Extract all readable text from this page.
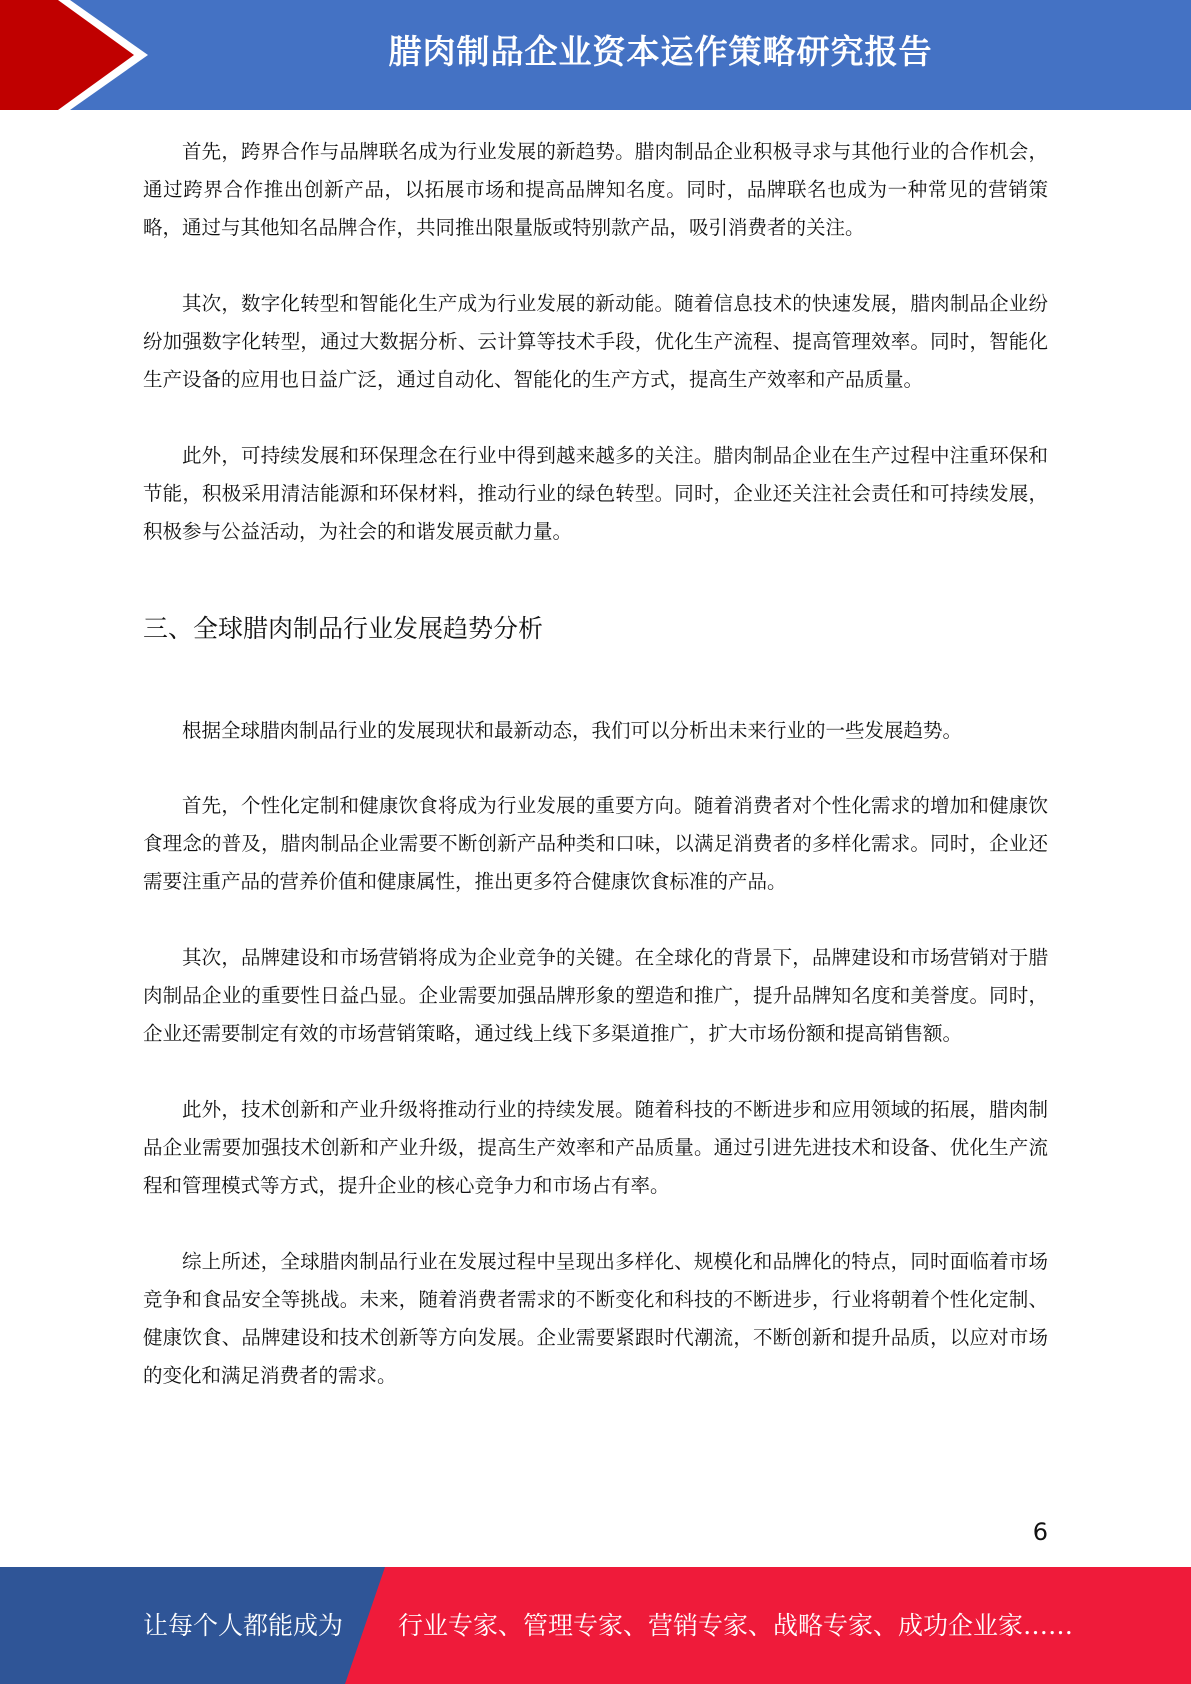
腊肉制品企业资本运作策略研究报告

首先，跨界合作与品牌联名成为行业发展的新趋势。腊肉制品企业积极寻求与其他行业的合作机会，通过跨界合作推出创新产品，以拓展市场和提高品牌知名度。同时，品牌联名也成为一种常见的营销策略，通过与其他知名品牌合作，共同推出限量版或特别款产品，吸引消费者的关注。

其次，数字化转型和智能化生产成为行业发展的新动能。随着信息技术的快速发展，腊肉制品企业纷纷加强数字化转型，通过大数据分析、云计算等技术手段，优化生产流程、提高管理效率。同时，智能化生产设备的应用也日益广泛，通过自动化、智能化的生产方式，提高生产效率和产品质量。

此外，可持续发展和环保理念在行业中得到越来越多的关注。腊肉制品企业在生产过程中注重环保和节能，积极采用清洁能源和环保材料，推动行业的绿色转型。同时，企业还关注社会责任和可持续发展，积极参与公益活动，为社会的和谐发展贡献力量。

三、全球腊肉制品行业发展趋势分析

根据全球腊肉制品行业的发展现状和最新动态，我们可以分析出未来行业的一些发展趋势。

首先，个性化定制和健康饮食将成为行业发展的重要方向。随着消费者对个性化需求的增加和健康饮食理念的普及，腊肉制品企业需要不断创新产品种类和口味，以满足消费者的多样化需求。同时，企业还需要注重产品的营养价值和健康属性，推出更多符合健康饮食标准的产品。

其次，品牌建设和市场营销将成为企业竞争的关键。在全球化的背景下，品牌建设和市场营销对于腊肉制品企业的重要性日益凸显。企业需要加强品牌形象的塑造和推广，提升品牌知名度和美誉度。同时，企业还需要制定有效的市场营销策略，通过线上线下多渠道推广，扩大市场份额和提高销售额。

此外，技术创新和产业升级将推动行业的持续发展。随着科技的不断进步和应用领域的拓展，腊肉制品企业需要加强技术创新和产业升级，提高生产效率和产品质量。通过引进先进技术和设备、优化生产流程和管理模式等方式，提升企业的核心竞争力和市场占有率。

综上所述，全球腊肉制品行业在发展过程中呈现出多样化、规模化和品牌化的特点，同时面临着市场竞争和食品安全等挑战。未来，随着消费者需求的不断变化和科技的不断进步，行业将朝着个性化定制、健康饮食、品牌建设和技术创新等方向发展。企业需要紧跟时代潮流，不断创新和提升品质，以应对市场的变化和满足消费者的需求。

6
让每个人都能成为 行业专家、管理专家、营销专家、战略专家、成功企业家……
